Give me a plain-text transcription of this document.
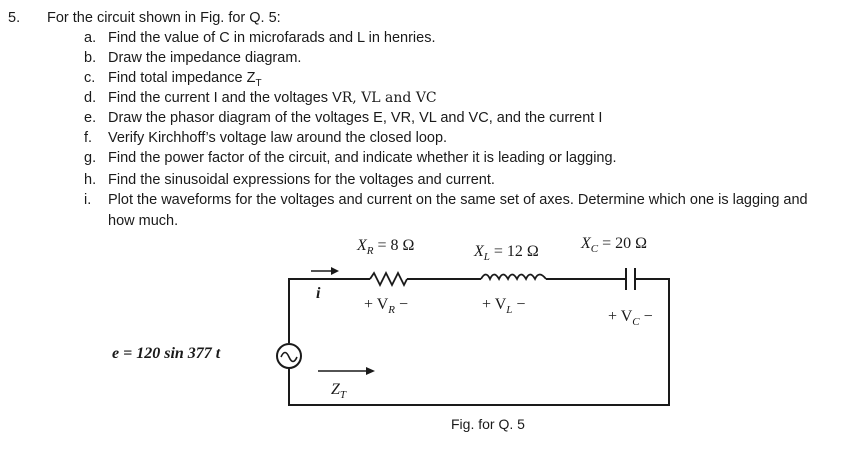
5. For the circuit shown in Fig. for Q. 5:
a. Find the value of C in microfarads and L in henries.
b. Draw the impedance diagram.
c. Find total impedance $Z_T$
d. Find the current I and the voltages VR, VL and VC
e. Draw the phasor diagram of the voltages E, VR, VL and VC, and the current I
f.	Verify Kirchhoff’s voltage law around the closed loop.
g. Find the power factor of the circuit, and indicate whether it is leading or lagging.
h. Find the sinusoidal expressions for the voltages and current.
i.	Plot the waveforms for the voltages and current on the same set of axes. Determine which one is lagging and
how much.
$X_R = 8$ Ω	$X_L = 12$ Ω	$X_C = 20$ Ω
+ $V_R$ −	+ $V_L$ −
+ $V_C$ −
i
$Z_T$
e = 120 sin 377 t
Fig. for Q. 5
